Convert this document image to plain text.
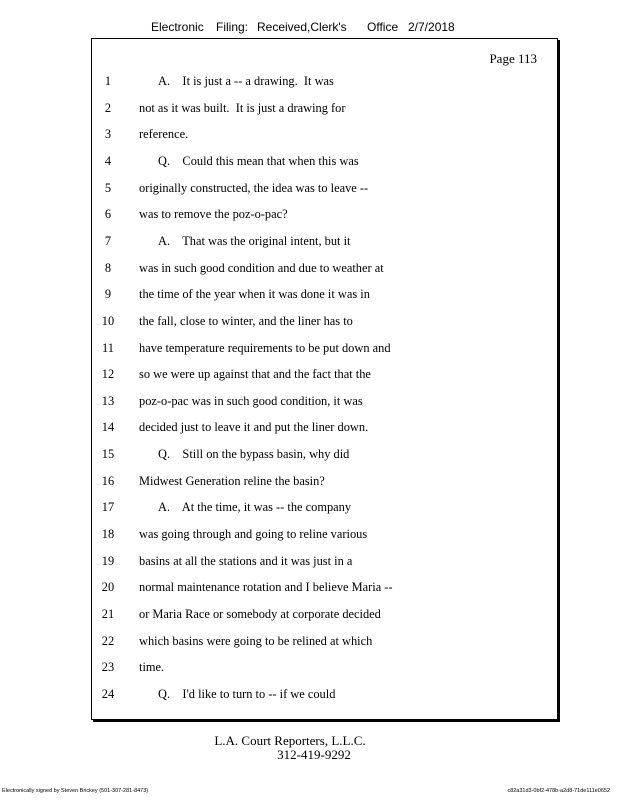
Electronic Filing: Received,Clerk's Office 2/7/2018
Page 113
1	A.    It is just a -- a drawing.  It was
2	not as it was built.  It is just a drawing for
3	reference.
4	Q.    Could this mean that when this was
5	originally constructed, the idea was to leave --
6	was to remove the poz-o-pac?
7	A.    That was the original intent, but it
8	was in such good condition and due to weather at
9	the time of the year when it was done it was in
10	the fall, close to winter, and the liner has to
11	have temperature requirements to be put down and
12	so we were up against that and the fact that the
13	poz-o-pac was in such good condition, it was
14	decided just to leave it and put the liner down.
15	Q.    Still on the bypass basin, why did
16	Midwest Generation reline the basin?
17	A.    At the time, it was -- the company
18	was going through and going to reline various
19	basins at all the stations and it was just in a
20	normal maintenance rotation and I believe Maria --
21	or Maria Race or somebody at corporate decided
22	which basins were going to be relined at which
23	time.
24	Q.    I'd like to turn to -- if we could
L.A. Court Reporters, L.L.C.
312-419-9292
Electronically signed by Steven Brickey (501-307-281-8473)	c82a31d3-0bf2-478b-a2d8-71de111e0652
